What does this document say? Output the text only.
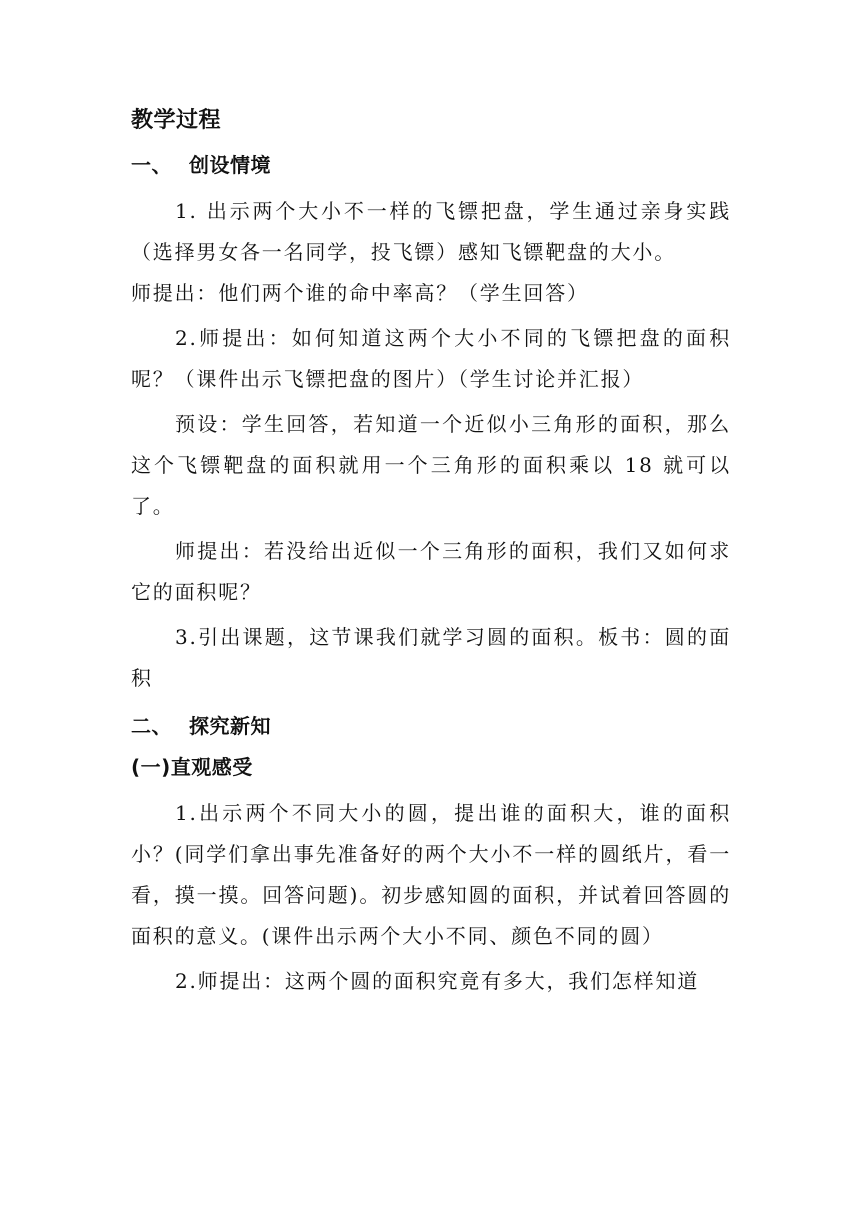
教学过程
一、 创设情境

1. 出示两个大小不一样的飞镖把盘，学生通过亲身实践（选择男女各一名同学，投飞镖）感知飞镖靶盘的大小。

师提出：他们两个谁的命中率高？（学生回答）

2.师提出：如何知道这两个大小不同的飞镖把盘的面积呢？（课件出示飞镖把盘的图片）（学生讨论并汇报）

预设：学生回答，若知道一个近似小三角形的面积，那么这个飞镖靶盘的面积就用一个三角形的面积乘以 18 就可以了。

师提出：若没给出近似一个三角形的面积，我们又如何求它的面积呢？

3.引出课题，这节课我们就学习圆的面积。板书：圆的面积

二、 探究新知
(一)直观感受

1.出示两个不同大小的圆，提出谁的面积大，谁的面积小？(同学们拿出事先准备好的两个大小不一样的圆纸片，看一看，摸一摸。回答问题)。初步感知圆的面积，并试着回答圆的面积的意义。(课件出示两个大小不同、颜色不同的圆）

2.师提出：这两个圆的面积究竟有多大，我们怎样知道
